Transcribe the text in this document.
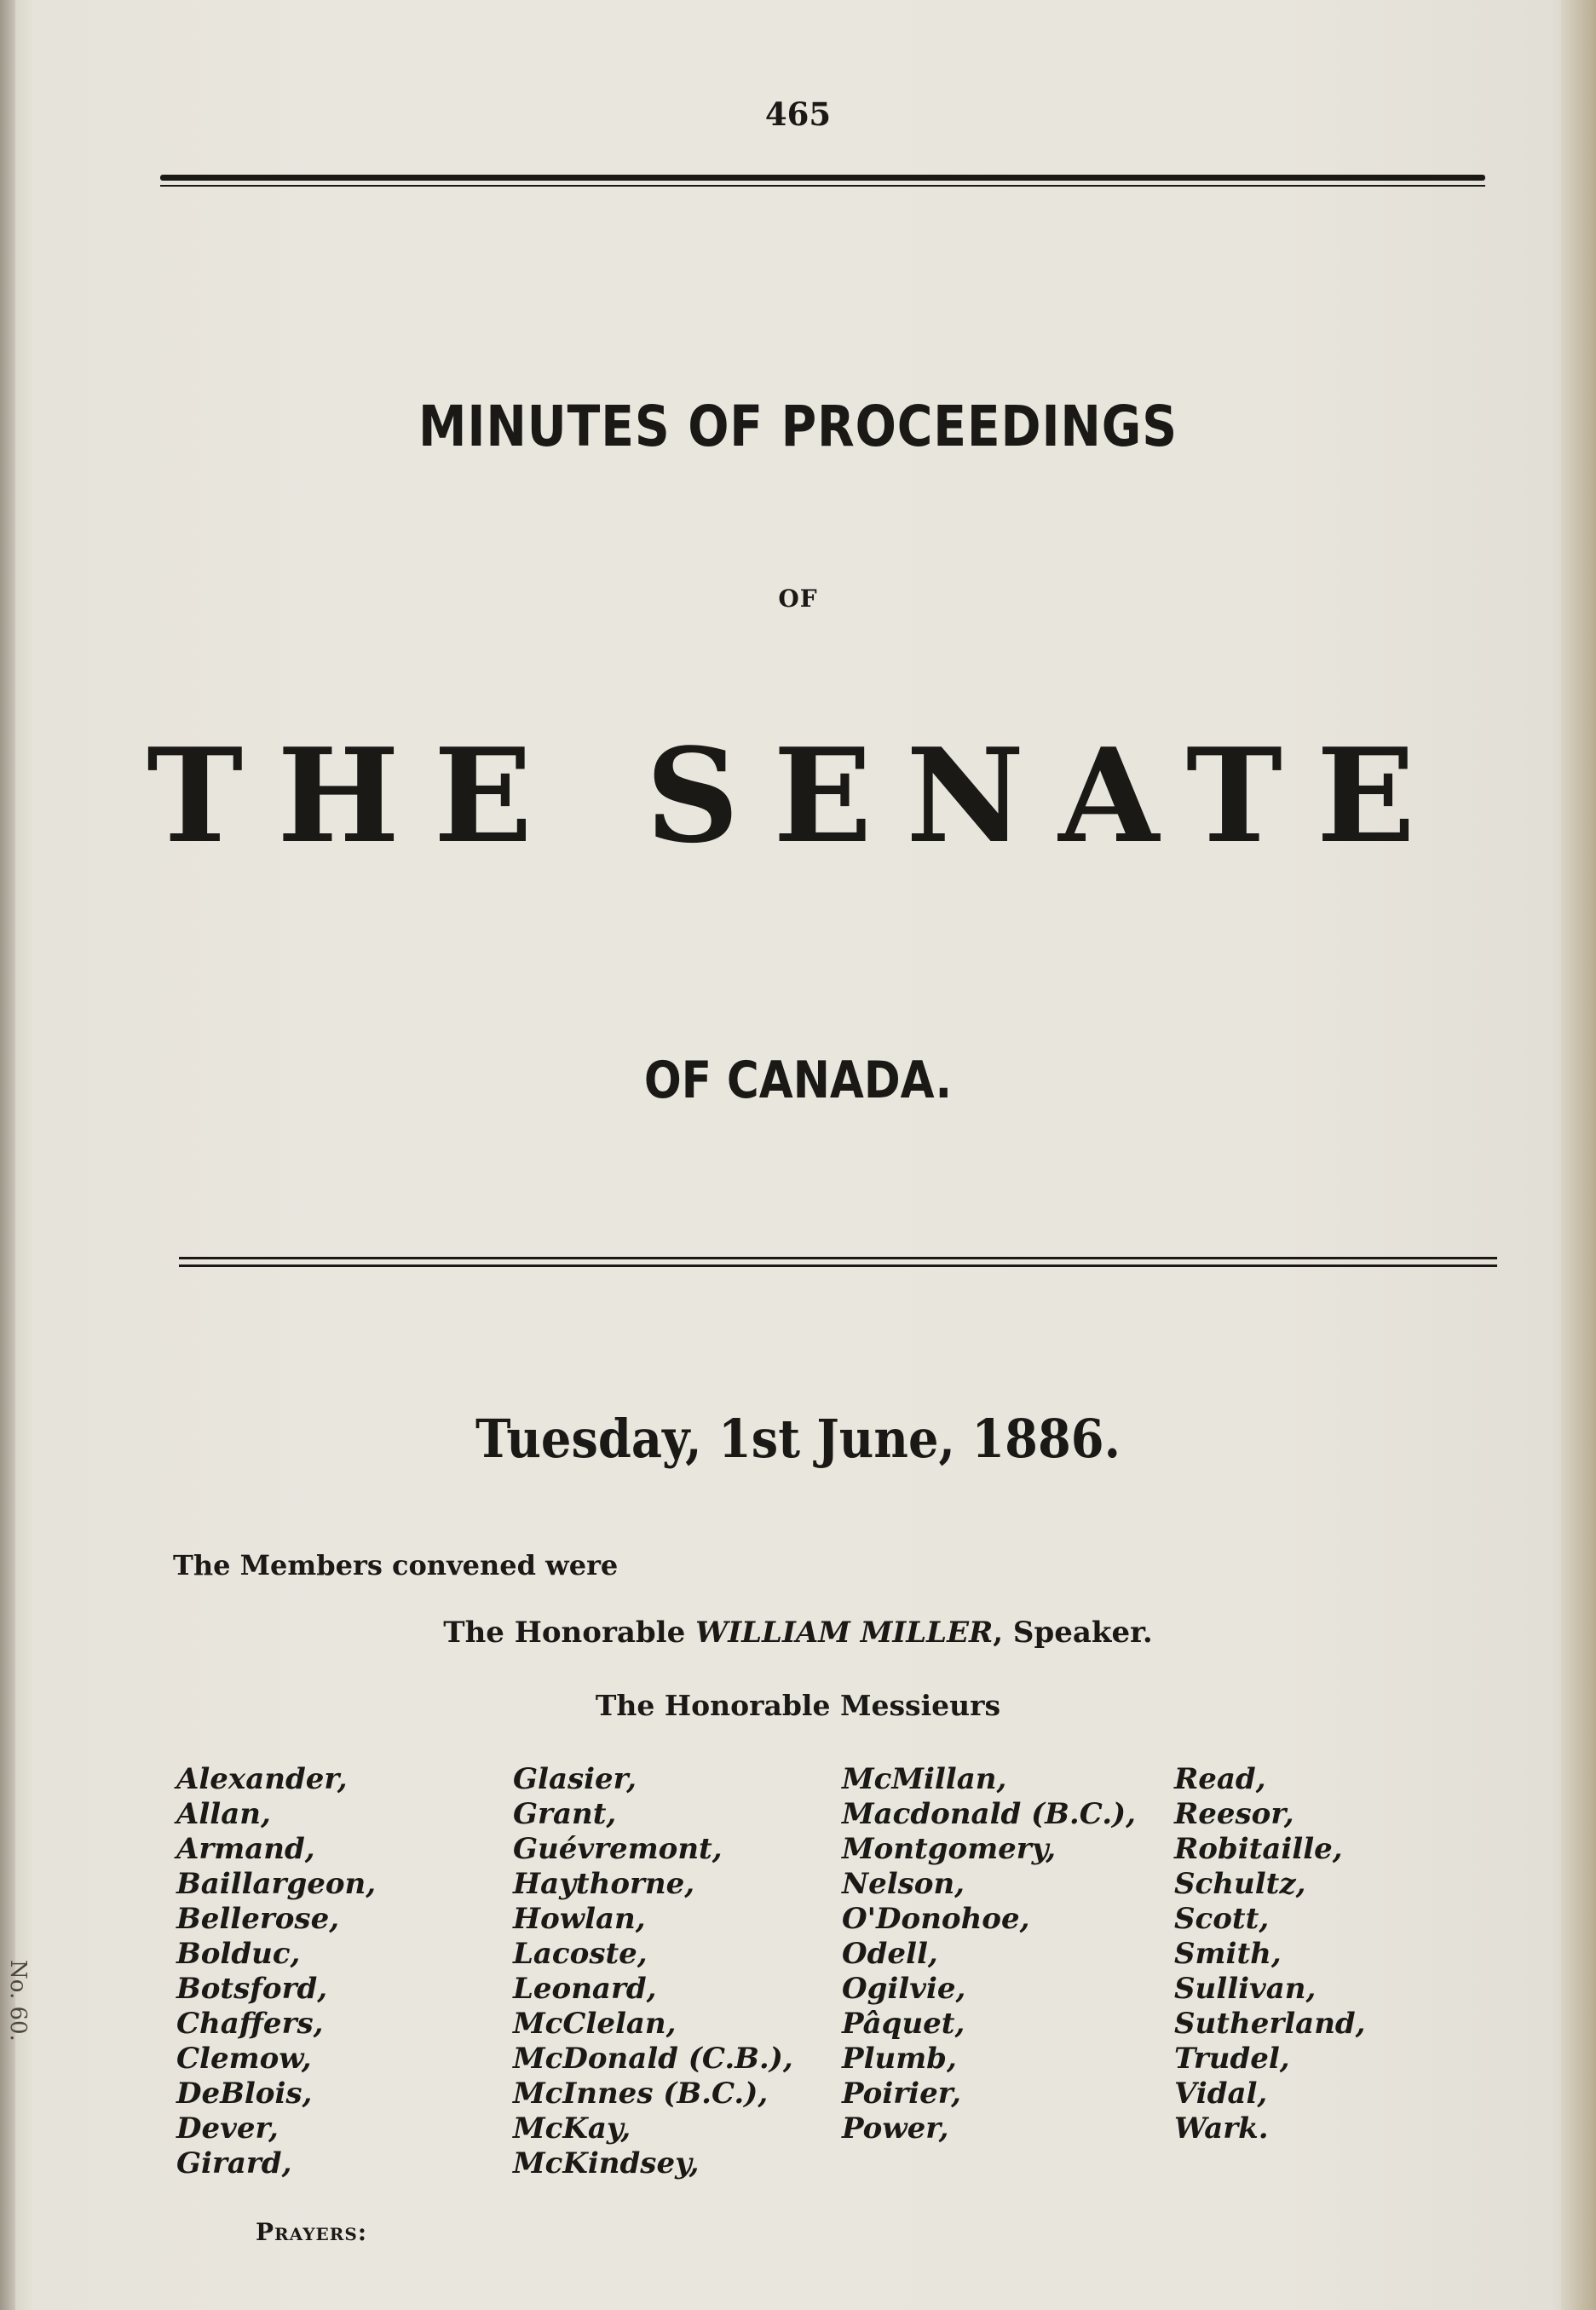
No. 60.
465
MINUTES OF PROCEEDINGS
OF
THE SENATE
OF CANADA.
Tuesday, 1st June, 1886.
The Members convened were
The Honorable WILLIAM MILLER, Speaker.
The Honorable Messieurs
Alexander,
Allan,
Armand,
Baillargeon,
Bellerose,
Bolduc,
Botsford,
Chaffers,
Clemow,
DeBlois,
Dever,
Girard,
Glasier,
Grant,
Guévremont,
Haythorne,
Howlan,
Lacoste,
Leonard,
McClelan,
McDonald (C.B.),
McInnes (B.C.),
McKay,
McKindsey,
McMillan,
Macdonald (B.C.),
Montgomery,
Nelson,
O'Donohoe,
Odell,
Ogilvie,
Pâquet,
Plumb,
Poirier,
Power,
Read,
Reesor,
Robitaille,
Schultz,
Scott,
Smith,
Sullivan,
Sutherland,
Trudel,
Vidal,
Wark.
Prayers:
